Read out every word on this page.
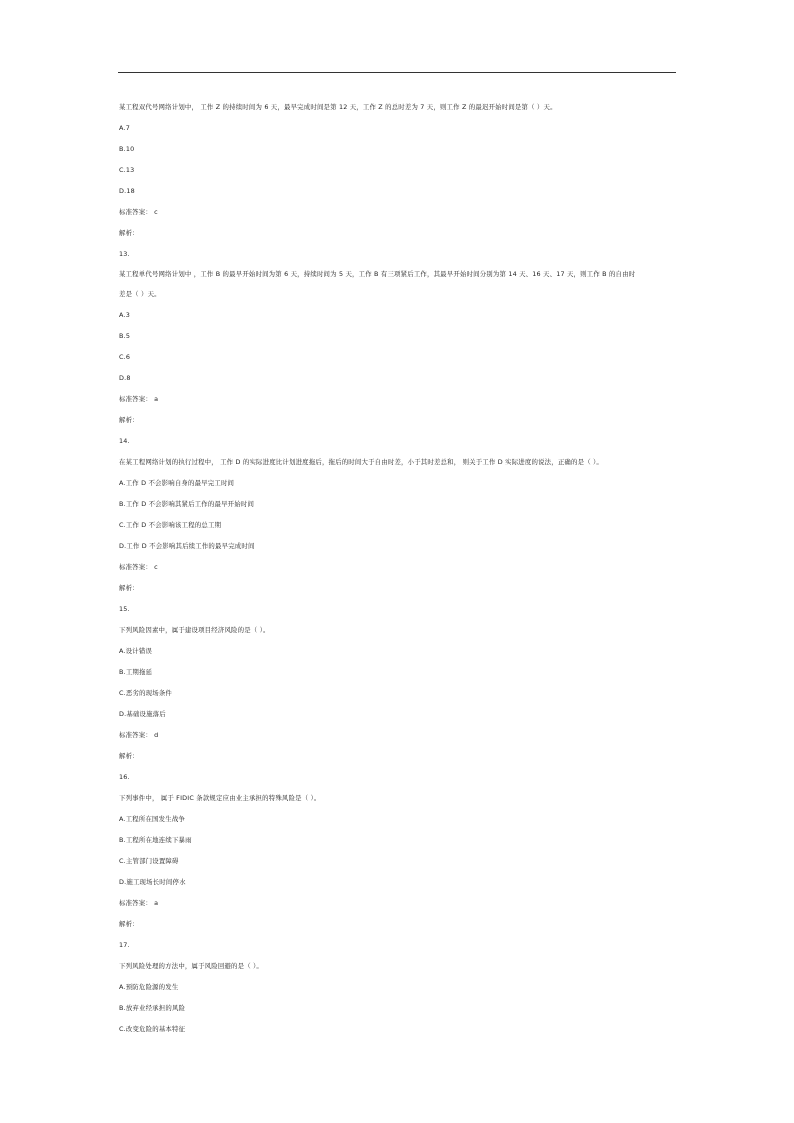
某工程双代号网络计划中， 工作 Z 的持续时间为 6 天，最早完成时间是第 12 天，工作 Z 的总时差为 7 天，则工作 Z 的最迟开始时间是第（ ）天。
A.7
B.10
C.13
D.18
标准答案： c
解析：
13.
某工程单代号网络计划中 ，工作 B 的最早开始时间为第 6 天，持续时间为 5 天，工作 B 有三项紧后工作，其最早开始时间分别为第 14 天、16 天、17 天，则工作 B 的自由时
差是（ ）天。
A.3
B.5
C.6
D.8
标准答案： a
解析：
14.
在某工程网络计划的执行过程中， 工作 D 的实际进度比计划进度拖后，拖后的时间大于自由时差，小于其时差总和， 则关于工作 D 实际进度的说法，正确的是（ ）。
A.工作 D 不会影响自身的最早完工时间
B.工作 D 不会影响其紧后工作的最早开始时间
C.工作 D 不会影响该工程的总工期
D.工作 D 不会影响其后续工作的最早完成时间
标准答案： c
解析：
15.
下列风险因素中，属于建设项目经济风险的是（ ）。
A.设计错误
B.工期拖延
C.恶劣的现场条件
D.基础设施落后
标准答案： d
解析：
16.
下列事件中， 属于 FIDIC 条款规定应由业主承担的特殊风险是（ ）。
A.工程所在国发生战争
B.工程所在地连续下暴雨
C.主管部门设置障碍
D.施工现场长时间停水
标准答案： a
解析：
17.
下列风险处理的方法中，属于风险回避的是（ ）。
A.预防危险源的发生
B.放弃业经承担的风险
C.改变危险的基本特征
